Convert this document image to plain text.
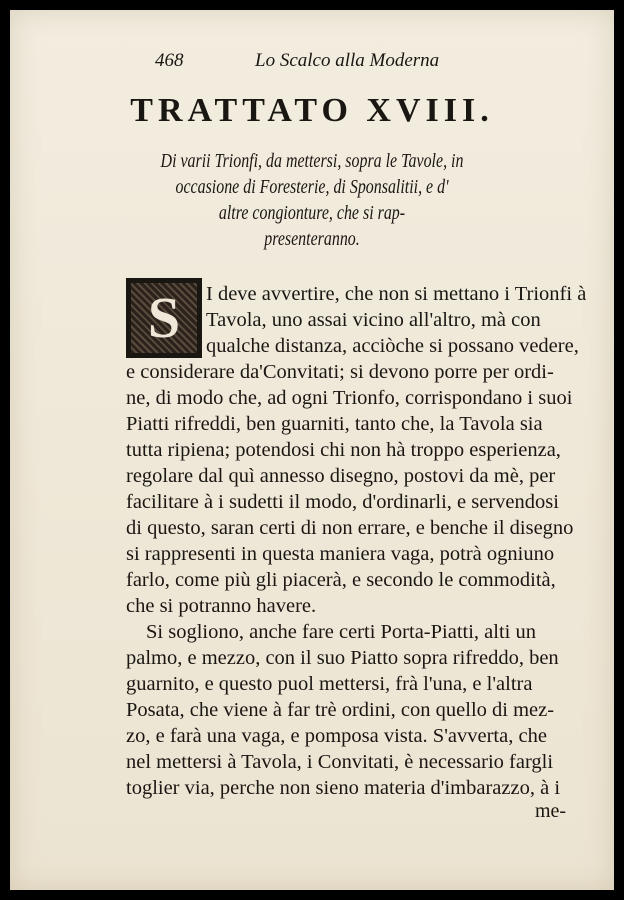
468	Lo Scalco alla Moderna
TRATTATO XVIII.
Di varii Trionfi, da mettersi, sopra le Tavole, in
occasione di Foresterie, di Sponsalitii, e d'
altre congionture, che si rap-
presenteranno.
S I deve avvertire, che non si mettano i Trionfi à
Tavola, uno assai vicino all'altro, mà con
qualche distanza, acciòche si possano vedere,
e considerare da'Convitati; si devono porre per ordi-
ne, di modo che, ad ogni Trionfo, corrispondano i suoi
Piatti rifreddi, ben guarniti, tanto che, la Tavola sia
tutta ripiena; potendosi chi non hà troppo esperienza,
regolare dal quì annesso disegno, postovi da mè, per
facilitare à i sudetti il modo, d'ordinarli, e servendosi
di questo, saran certi di non errare, e benche il disegno
si rappresenti in questa maniera vaga, potrà ogniuno
farlo, come più gli piacerà, e secondo le commodità,
che si potranno havere.
Si sogliono, anche fare certi Porta-Piatti, alti un
palmo, e mezzo, con il suo Piatto sopra rifreddo, ben
guarnito, e questo puol mettersi, frà l'una, e l'altra
Posata, che viene à far trè ordini, con quello di mez-
zo, e farà una vaga, e pomposa vista. S'avverta, che
nel mettersi à Tavola, i Convitati, è necessario fargli
me-
toglier via, perche non sieno materia d'imbarazzo, à i
